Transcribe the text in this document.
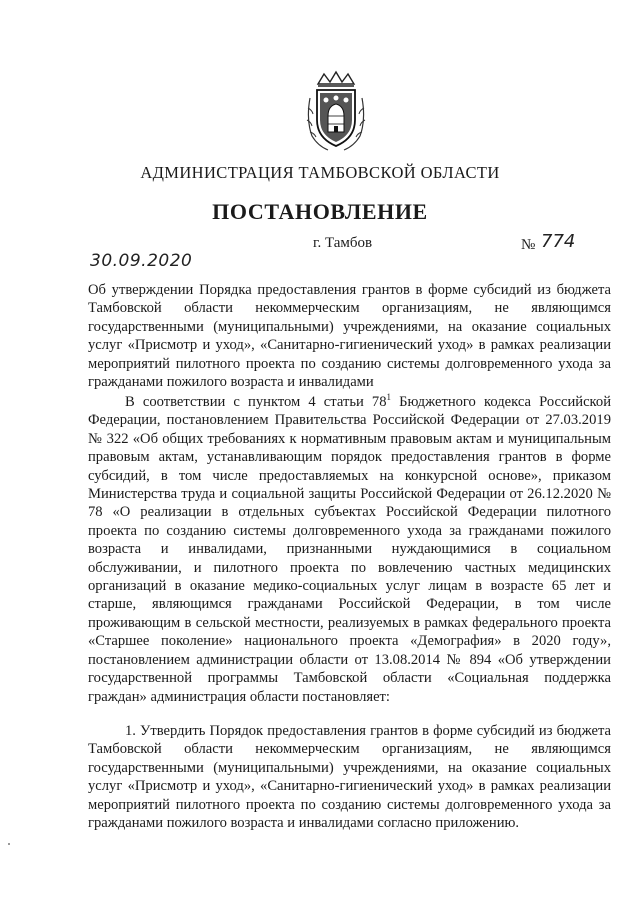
АДМИНИСТРАЦИЯ ТАМБОВСКОЙ ОБЛАСТИ
ПОСТАНОВЛЕНИЕ
30.09.2020
г. Тамбов	№ 774

Об утверждении Порядка предоставления грантов в форме субсидий из бюджета Тамбовской области некоммерческим организациям, не являющимся государственными (муниципальными) учреждениями, на оказание социальных услуг «Присмотр и уход», «Санитарно-гигиенический уход» в рамках реализации мероприятий пилотного проекта по созданию системы долговременного ухода за гражданами пожилого возраста и инвалидами

В соответствии с пунктом 4 статьи $78^1$ Бюджетного кодекса Российской Федерации, постановлением Правительства Российской Федерации от 27.03.2019 № 322 «Об общих требованиях к нормативным правовым актам и муниципальным правовым актам, устанавливающим порядок предоставления грантов в форме субсидий, в том числе предоставляемых на конкурсной основе», приказом Министерства труда и социальной защиты Российской Федерации от 26.12.2020 № 78 «О реализации в отдельных субъектах Российской Федерации пилотного проекта по созданию системы долговременного ухода за гражданами пожилого возраста и инвалидами, признанными нуждающимися в социальном обслуживании, и пилотного проекта по вовлечению частных медицинских организаций в оказание медико-социальных услуг лицам в возрасте 65 лет и старше, являющимся гражданами Российской Федерации, в том числе проживающим в сельской местности, реализуемых в рамках федерального проекта «Старшее поколение» национального проекта «Демография» в 2020 году», постановлением администрации области от 13.08.2014 № 894 «Об утверждении государственной программы Тамбовской области «Социальная поддержка граждан» администрация области постановляет:

1. Утвердить Порядок предоставления грантов в форме субсидий из бюджета Тамбовской области некоммерческим организациям, не являющимся государственными (муниципальными) учреждениями, на оказание социальных услуг «Присмотр и уход», «Санитарно-гигиенический уход» в рамках реализации мероприятий пилотного проекта по созданию системы долговременного ухода за гражданами пожилого возраста и инвалидами согласно приложению.
